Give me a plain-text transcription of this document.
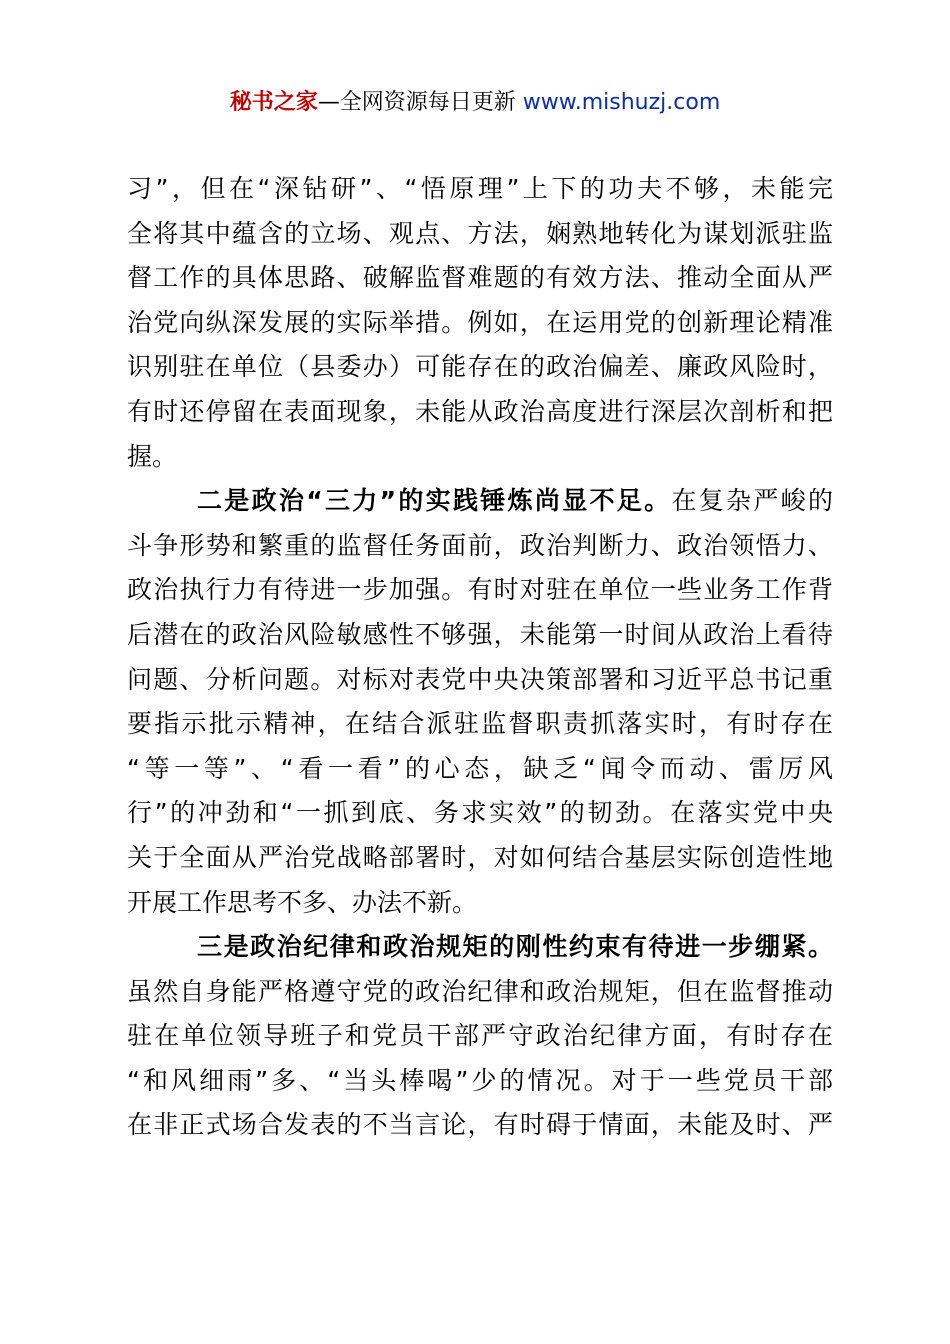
秘书之家—全网资源每日更新 www.mishuzj.com
习”，但在“深钻研”、“悟原理”上下的功夫不够，未能完
全将其中蕴含的立场、观点、方法，娴熟地转化为谋划派驻监
督工作的具体思路、破解监督难题的有效方法、推动全面从严
治党向纵深发展的实际举措。例如，在运用党的创新理论精准
识别驻在单位（县委办）可能存在的政治偏差、廉政风险时，
有时还停留在表面现象，未能从政治高度进行深层次剖析和把
握。
二是政治“三力”的实践锤炼尚显不足。在复杂严峻的
斗争形势和繁重的监督任务面前，政治判断力、政治领悟力、
政治执行力有待进一步加强。有时对驻在单位一些业务工作背
后潜在的政治风险敏感性不够强，未能第一时间从政治上看待
问题、分析问题。对标对表党中央决策部署和习近平总书记重
要指示批示精神，在结合派驻监督职责抓落实时，有时存在
“等一等”、“看一看”的心态，缺乏“闻令而动、雷厉风
行”的冲劲和“一抓到底、务求实效”的韧劲。在落实党中央
关于全面从严治党战略部署时，对如何结合基层实际创造性地
开展工作思考不多、办法不新。
三是政治纪律和政治规矩的刚性约束有待进一步绷紧。
虽然自身能严格遵守党的政治纪律和政治规矩，但在监督推动
驻在单位领导班子和党员干部严守政治纪律方面，有时存在
“和风细雨”多、“当头棒喝”少的情况。对于一些党员干部
在非正式场合发表的不当言论，有时碍于情面，未能及时、严
